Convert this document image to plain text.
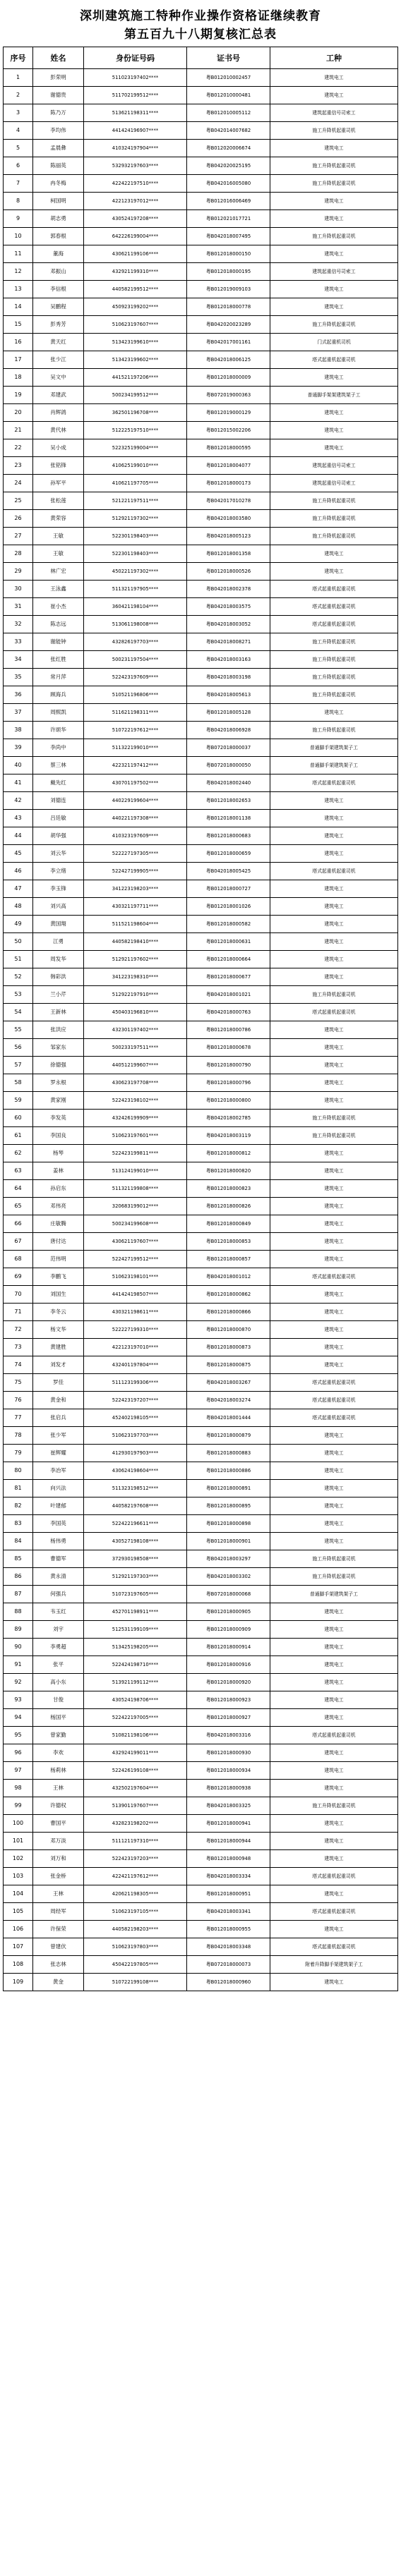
深圳建筑施工特种作业操作资格证继续教育
第五百九十八期复核汇总表
序号	姓名	身份证号码	证书号	工种
1	彭荣明	511023197402****	粤B012010002457	建筑电工
2	谢德贵	511702199512****	粤B012010000481	建筑电工
3	陈乃万	513621198311****	粤B012010005112	建筑起重信号司索工
4	李均伟	441424196907****	粤B042014007682	施工升降机起重司机
5	孟晨彝	410324197904****	粤B012020006674	建筑电工
6	陈丽英	532932197603****	粤B042020025195	施工升降机起重司机
7	冉冬梅	422422197510****	粤B042016005080	施工升降机起重司机
8	柯国明	422123197012****	粤B012016006469	建筑电工
9	胡志勇	430524197208****	粤B012021017721	建筑电工
10	郭春根	642226199004****	粤B042018007495	施工升降机起重司机
11	董海	430621199106****	粤B012018000150	建筑电工
12	邓振山	432921199310****	粤B012018000195	建筑起重信号司索工
13	李信根	440582199512****	粤B012019009103	建筑电工
14	吴鹏程	450923199202****	粤B012018000778	建筑电工
15	彭秀芳	510623197607****	粤B042020023289	施工升降机起重司机
16	黄天红	513423199610****	粤B042017001161	门式起重机司机
17	张少江	513423199602****	粤B042018006125	塔式起重机起重司机
18	吴文中	441521197206****	粤B012018000009	建筑电工
19	邓建武	500234199512****	粤B072019000363	普通脚手架架建筑架子工
20	肖辉鸽	362501196708****	粤B012019000129	建筑电工
21	黄代林	512225197510****	粤B012015002206	建筑电工
22	吴小成	522325199004****	粤B012018000595	建筑电工
23	张铭锋	410625199010****	粤B012018004077	建筑起重信号司索工
24	孙军平	410621197705****	粤B012018000173	建筑起重信号司索工
25	张松莲	521221197511****	粤B042017010278	施工升降机起重司机
26	黄荣容	512921197302****	粤B042018003580	施工升降机起重司机
27	王敏	522301198403****	粤B042018005123	施工升降机起重司机
28	王敏	522301198403****	粤B012018001358	建筑电工
29	林广宏	450221197302****	粤B012018000526	建筑电工
30	王泳鑫	511321197905****	粤B042018002378	塔式起重机起重司机
31	崔小杰	360421198104****	粤B042018003575	塔式起重机起重司机
32	陈志远	513061198008****	粤B042018003052	塔式起重机起重司机
33	谢能钟	432826197703****	粤B042018008271	施工升降机起重司机
34	张红胜	500231197504****	粤B042018003163	施工升降机起重司机
35	常月萍	522423197609****	粤B042018003198	施工升降机起重司机
36	顾海兵	510521196806****	粤B042018005613	施工升降机起重司机
37	周熙凯	511621198311****	粤B012018005128	建筑电工
38	许颂华	510722197612****	粤B042018006928	施工升降机起重司机
39	李尚中	511322199010****	粤B072018000037	普通脚手架建筑架子工
40	蔡三林	422321197412****	粤B072018000050	普通脚手架建筑架子工
41	戴先红	430701197502****	粤B042018002440	塔式起重机起重司机
42	刘德连	440229199604****	粤B012018002653	建筑电工
43	吕廷敏	440221197308****	粤B012018001138	建筑电工
44	胡华强	410323197609****	粤B012018000683	建筑电工
45	刘云华	522227197305****	粤B012018000659	建筑电工
46	李立绪	522427199905****	粤B042018005425	塔式起重机起重司机
47	李玉锋	341223198203****	粤B012018000727	建筑电工
48	刘兴高	430321197711****	粤B012018001026	建筑电工
49	黄国翔	511521198604****	粤B012018000582	建筑电工
50	江勇	440582198410****	粤B012018000631	建筑电工
51	周发华	512921197602****	粤B012018000664	建筑电工
52	韩彩洪	341223198310****	粤B012018000677	建筑电工
53	兰小芹	512922197910****	粤B042018001021	施工升降机起重司机
54	王新林	450403196810****	粤B042018000763	塔式起重机起重司机
55	张洪应	432301197402****	粤B012018000786	建筑电工
56	邹家东	500233197511****	粤B012018000678	建筑电工
57	徐德强	440512199607****	粤B012018000790	建筑电工
58	罗永根	430623197708****	粤B012018000796	建筑电工
59	黄家刚	522423198102****	粤B012018000800	建筑电工
60	李发英	432426199909****	粤B042018002785	施工升降机起重司机
61	李国良	510623197601****	粤B042018003119	施工升降机起重司机
62	杨琴	522423199811****	粤B012018000812	建筑电工
63	姜林	513124199010****	粤B012018000820	建筑电工
64	孙启东	511321199808****	粤B012018000823	建筑电工
65	邓伟亮	320683199012****	粤B012018000826	建筑电工
66	庄敏腾	500234199608****	粤B012018000849	建筑电工
67	唐付达	430621197607****	粤B012018000853	建筑电工
68	范伟明	522427199512****	粤B012018000857	建筑电工
69	李鹏飞	510623198101****	粤B042018001012	塔式起重机起重司机
70	刘国生	441424198507****	粤B012018000862	建筑电工
71	李冬云	430321198611****	粤B012018000866	建筑电工
72	杨文华	522227199310****	粤B012018000870	建筑电工
73	黄建胜	422123197010****	粤B012018000873	建筑电工
74	刘发才	432401197804****	粤B012018000875	建筑电工
75	罗佳	511123199306****	粤B042018003267	塔式起重机起重司机
76	黄金和	522423197207****	粤B042018003274	塔式起重机起重司机
77	张启兵	452402198105****	粤B042018001444	塔式起重机起重司机
78	张少军	510623197703****	粤B012018000879	建筑电工
79	崔辉耀	412930197903****	粤B012018000883	建筑电工
80	李冶军	430624198604****	粤B012018000886	建筑电工
81	向兴法	511323198512****	粤B012018000891	建筑电工
82	叶建郁	440582197608****	粤B012018000895	建筑电工
83	李国英	522422196611****	粤B012018000898	建筑电工
84	杨伟勇	430527198108****	粤B012018000901	建筑电工
85	曹德军	372930198508****	粤B042018003297	施工升降机起重司机
86	黄永清	512921197303****	粤B042018003302	施工升降机起重司机
87	何强兵	510723197605****	粤B072018000068	普通脚手架建筑架子工
88	韦玉红	452701198911****	粤B012018000905	建筑电工
89	刘宇	512531199109****	粤B012018000909	建筑电工
90	李勇超	513425198205****	粤B012018000914	建筑电工
91	张平	522424198710****	粤B012018000916	建筑电工
92	高小东	513921199112****	粤B012018000920	建筑电工
93	甘俊	430524198706****	粤B012018000923	建筑电工
94	杨国平	522422197005****	粤B012018000927	建筑电工
95	曾家勤	510821198106****	粤B042018003316	塔式起重机起重司机
96	李欢	432924199011****	粤B012018000930	建筑电工
97	杨莉林	522426199108****	粤B012018000934	建筑电工
98	王林	432502197604****	粤B012018000938	建筑电工
99	许德权	513901197607****	粤B042018003325	施工升降机起重司机
100	曹国平	432823198202****	粤B012018000941	建筑电工
101	邓万淡	511121197310****	粤B012018000944	建筑电工
102	刘万和	522423197203****	粤B012018000948	建筑电工
103	张金桥	422421197612****	粤B042018003334	塔式起重机起重司机
104	王林	420621198305****	粤B012018000951	建筑电工
105	周经军	510623197105****	粤B042018003341	塔式起重机起重司机
106	许保荣	440582198203****	粤B012018000955	建筑电工
107	曾建伏	510623197803****	粤B042018003348	塔式起重机起重司机
108	张志林	450422197805****	粤B072018000073	附着升降脚手架建筑架子工
109	黄金	510722199108****	粤B012018000960	建筑电工
